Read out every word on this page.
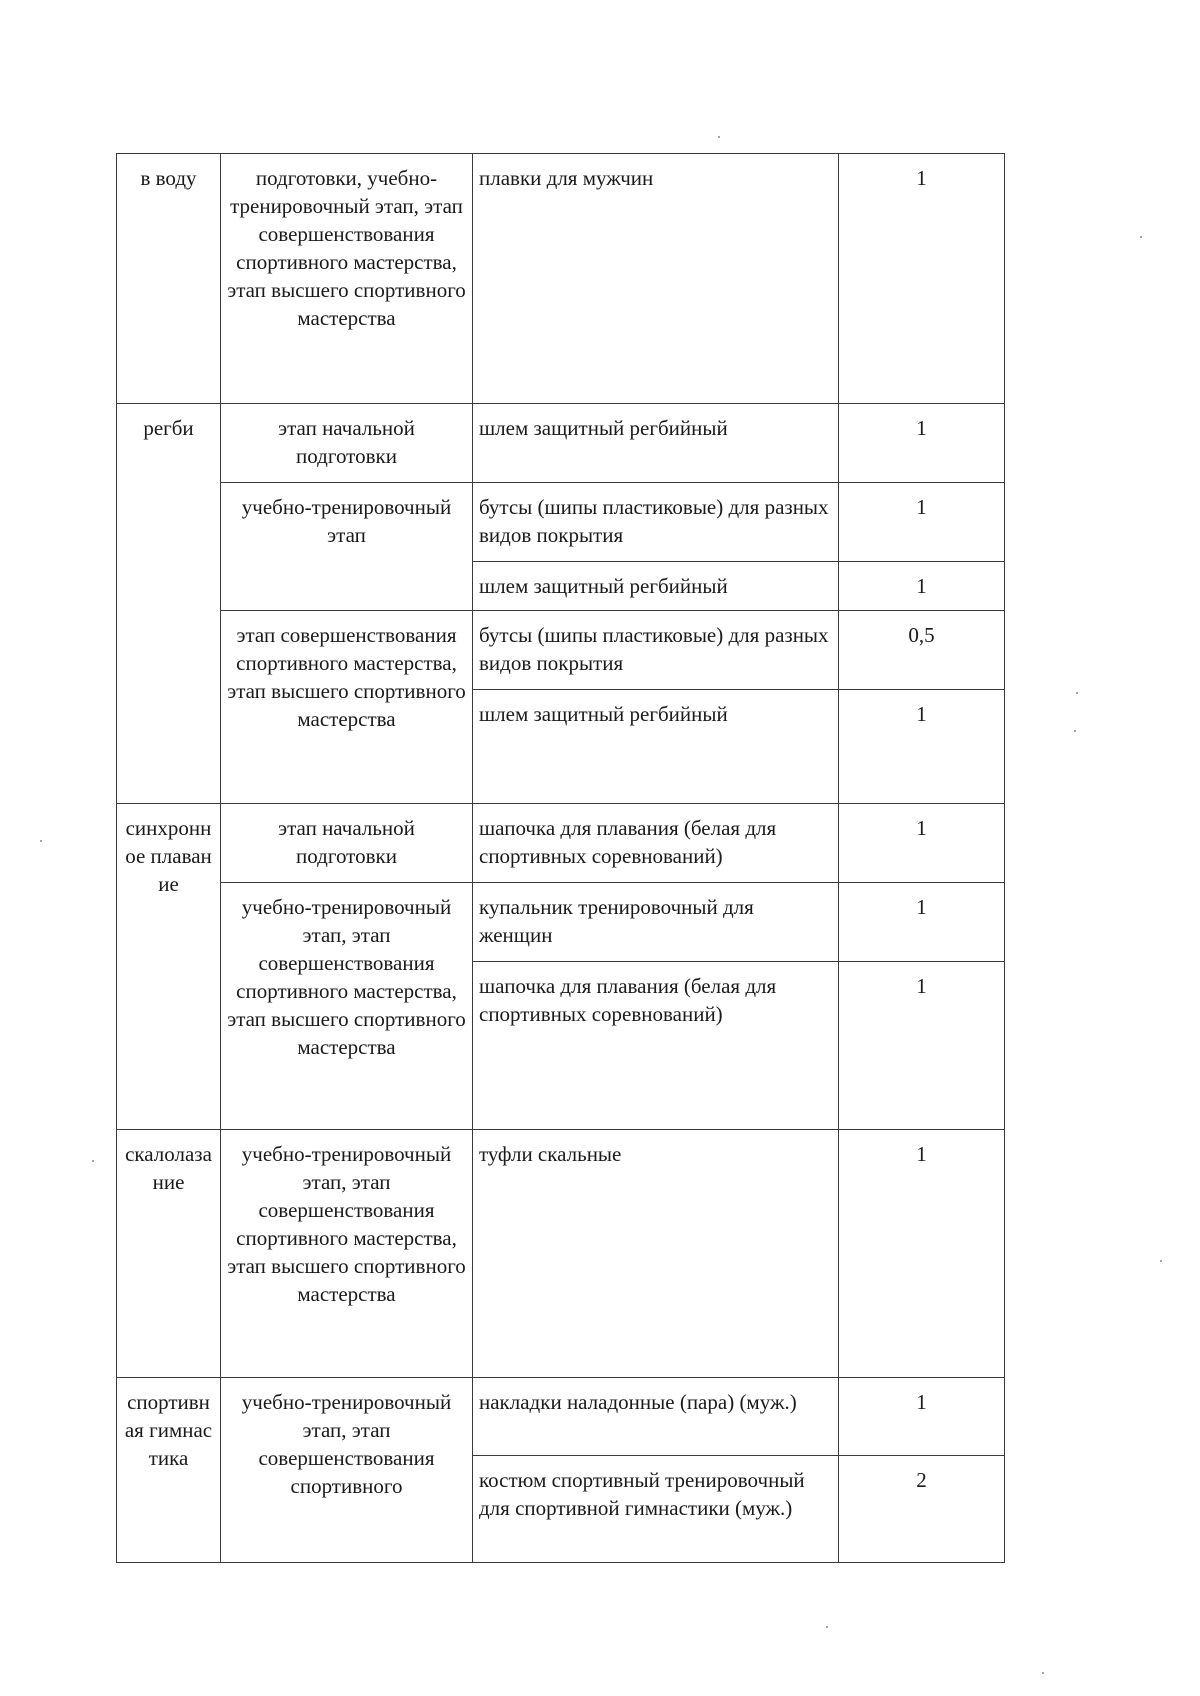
в воду	подготовки, учебно-тренировочный этап, этап совершенствования спортивного мастерства, этап высшего спортивного мастерства	плавки для мужчин	1
регби	этап начальной подготовки	шлем защитный регбийный	1
	учебно-тренировочный этап	бутсы (шипы пластиковые) для разных видов покрытия	1
		шлем защитный регбийный	1
	этап совершенствования спортивного мастерства, этап высшего спортивного мастерства	бутсы (шипы пластиковые) для разных видов покрытия	0,5
		шлем защитный регбийный	1
синхронное плавание	этап начальной подготовки	шапочка для плавания (белая для спортивных соревнований)	1
	учебно-тренировочный этап, этап совершенствования спортивного мастерства, этап высшего спортивного мастерства	купальник тренировочный для женщин	1
		шапочка для плавания (белая для спортивных соревнований)	1
скалолазание	учебно-тренировочный этап, этап совершенствования спортивного мастерства, этап высшего спортивного мастерства	туфли скальные	1
спортивная гимнастика	учебно-тренировочный этап, этап совершенствования спортивного	накладки наладонные (пара) (муж.)	1
		костюм спортивный тренировочный для спортивной гимнастики (муж.)	2
